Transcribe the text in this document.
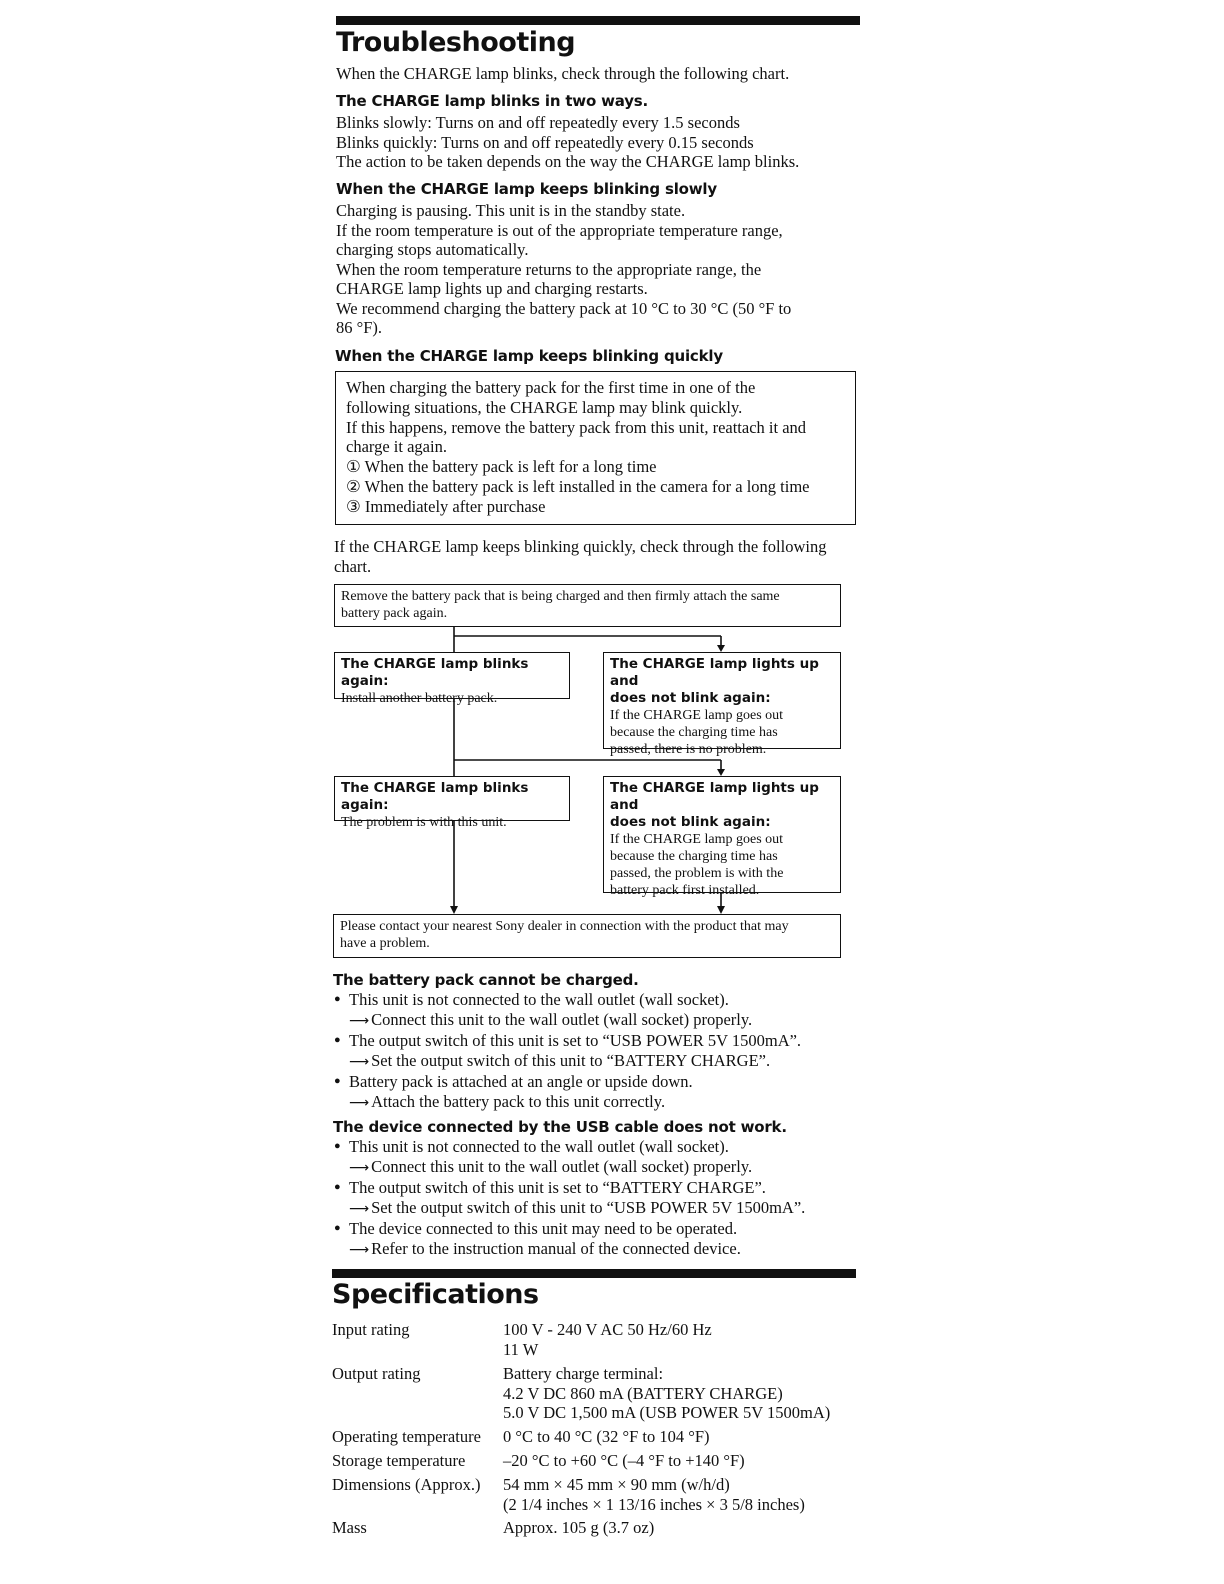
Troubleshooting

When the CHARGE lamp blinks, check through the following chart.

The CHARGE lamp blinks in two ways.

Blinks slowly: Turns on and off repeatedly every 1.5 seconds
Blinks quickly: Turns on and off repeatedly every 0.15 seconds
The action to be taken depends on the way the CHARGE lamp blinks.

When the CHARGE lamp keeps blinking slowly

Charging is pausing. This unit is in the standby state.
If the room temperature is out of the appropriate temperature range,
charging stops automatically.
When the room temperature returns to the appropriate range, the
CHARGE lamp lights up and charging restarts.
We recommend charging the battery pack at 10 °C to 30 °C (50 °F to
86 °F).

When the CHARGE lamp keeps blinking quickly
When charging the battery pack for the first time in one of the
following situations, the CHARGE lamp may blink quickly.
If this happens, remove the battery pack from this unit, reattach it and
charge it again.
① When the battery pack is left for a long time
② When the battery pack is left installed in the camera for a long time
③ Immediately after purchase

If the CHARGE lamp keeps blinking quickly, check through the following
chart.

Remove the battery pack that is being charged and then firmly attach the same
battery pack again.
The CHARGE lamp blinks again:
Install another battery pack.
The CHARGE lamp lights up and
does not blink again:
If the CHARGE lamp goes out
because the charging time has
passed, there is no problem.
The CHARGE lamp blinks again:
The problem is with this unit.
The CHARGE lamp lights up and
does not blink again:
If the CHARGE lamp goes out
because the charging time has
passed, the problem is with the
battery pack first installed.
Please contact your nearest Sony dealer in connection with the product that may
have a problem.
The battery pack cannot be charged.
● This unit is not connected to the wall outlet (wall socket).
⟶ Connect this unit to the wall outlet (wall socket) properly.
● The output switch of this unit is set to “USB POWER 5V 1500mA”.
⟶ Set the output switch of this unit to “BATTERY CHARGE”.
● Battery pack is attached at an angle or upside down.
⟶ Attach the battery pack to this unit correctly.
The device connected by the USB cable does not work.
● This unit is not connected to the wall outlet (wall socket).
⟶ Connect this unit to the wall outlet (wall socket) properly.
● The output switch of this unit is set to “BATTERY CHARGE”.
⟶ Set the output switch of this unit to “USB POWER 5V 1500mA”.
● The device connected to this unit may need to be operated.
⟶ Refer to the instruction manual of the connected device.
Specifications
Input rating	100 V - 240 V AC 50 Hz/60 Hz
11 W
Output rating	Battery charge terminal:
4.2 V DC 860 mA (BATTERY CHARGE)
5.0 V DC 1,500 mA (USB POWER 5V 1500mA)
Operating temperature 0 °C to 40 °C (32 °F to 104 °F)
Storage temperature –20 °C to +60 °C (–4 °F to +140 °F)
Dimensions (Approx.) 54 mm × 45 mm × 90 mm (w/h/d)
(2 1/4 inches × 1 13/16 inches × 3 5/8 inches)
Mass	Approx. 105 g (3.7 oz)
